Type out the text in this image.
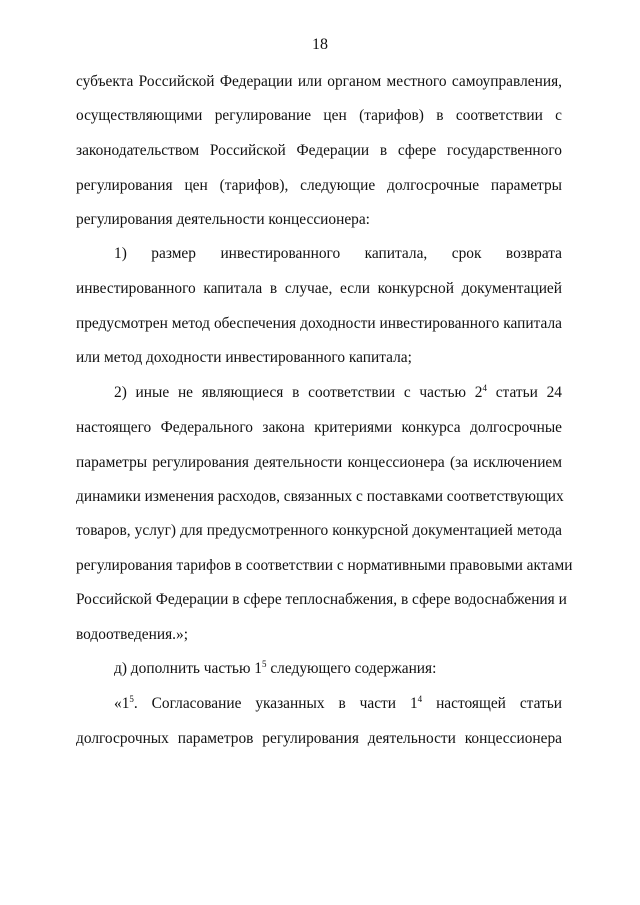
18
субъекта Российской Федерации или органом местного самоуправления,
осуществляющими регулирование цен (тарифов) в соответствии с
законодательством Российской Федерации в сфере государственного
регулирования цен (тарифов), следующие долгосрочные параметры
регулирования деятельности концессионера:
1) размер инвестированного капитала, срок возврата
инвестированного капитала в случае, если конкурсной документацией
предусмотрен метод обеспечения доходности инвестированного капитала
или метод доходности инвестированного капитала;
2) иные не являющиеся в соответствии с частью $2^4$ статьи 24
настоящего Федерального закона критериями конкурса долгосрочные
параметры регулирования деятельности концессионера (за исключением
динамики изменения расходов, связанных с поставками соответствующих
товаров, услуг) для предусмотренного конкурсной документацией метода
регулирования тарифов в соответствии с нормативными правовыми актами
Российской Федерации в сфере теплоснабжения, в сфере водоснабжения и
водоотведения.»;
д) дополнить частью $1^5$ следующего содержания:
«$1^5$. Согласование указанных в части $1^4$ настоящей статьи
долгосрочных параметров регулирования деятельности концессионера
